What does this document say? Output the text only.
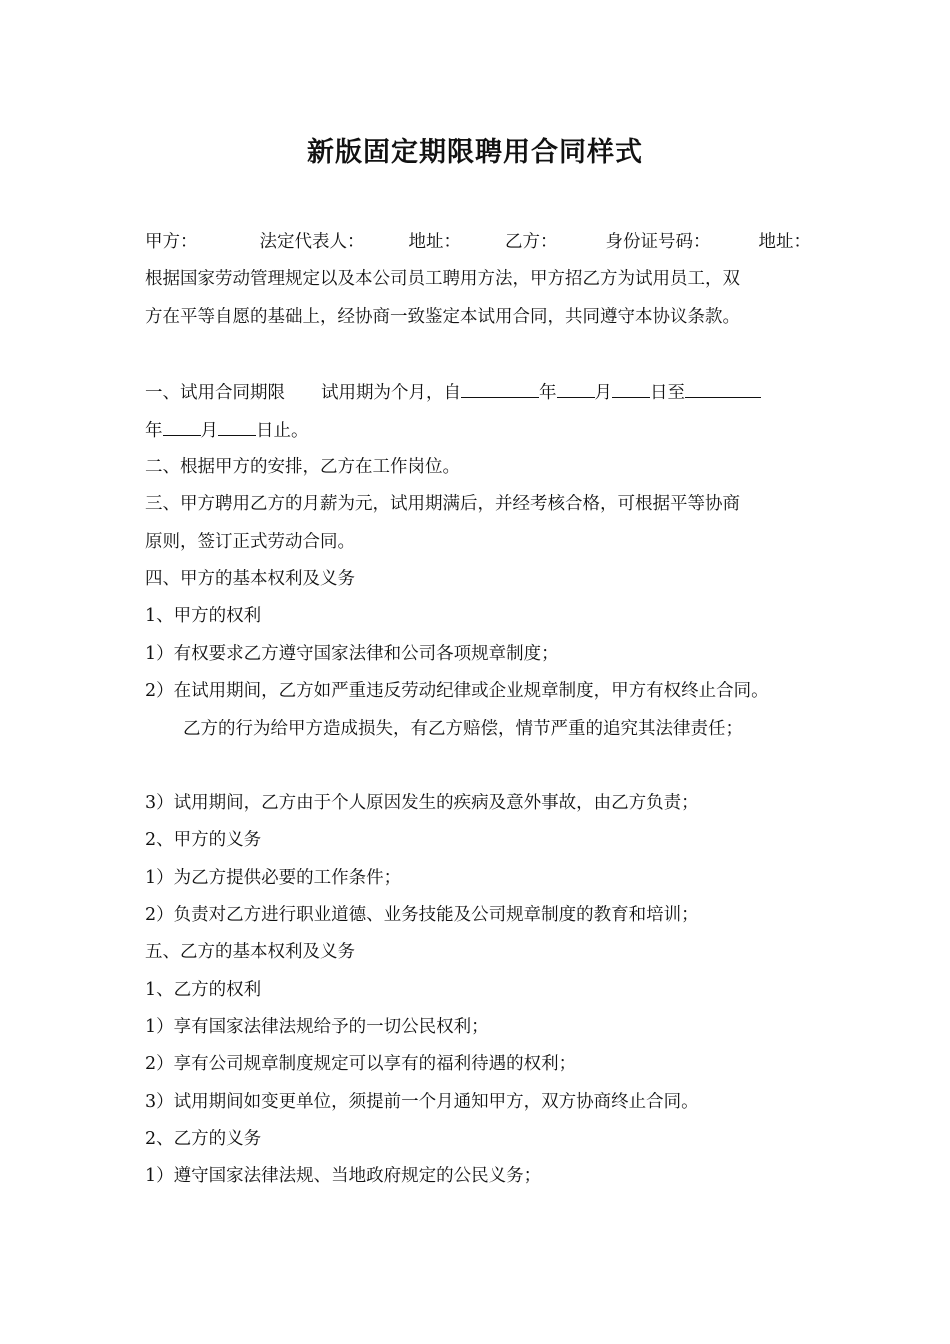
新版固定期限聘用合同样式
甲方：	法定代表人：	地址：	乙方：	身份证号码：	地址：
根据国家劳动管理规定以及本公司员工聘用方法，甲方招乙方为试用员工，双
方在平等自愿的基础上，经协商一致鉴定本试用合同，共同遵守本协议条款。
一、试用合同期限 试用期为个月，自	年 月 日至
年 月 日止。
二、根据甲方的安排，乙方在工作岗位。
三、甲方聘用乙方的月薪为元，试用期满后，并经考核合格，可根据平等协商
原则，签订正式劳动合同。
四、甲方的基本权利及义务
1、甲方的权利
1）有权要求乙方遵守国家法律和公司各项规章制度；
2）在试用期间，乙方如严重违反劳动纪律或企业规章制度，甲方有权终止合同。
乙方的行为给甲方造成损失，有乙方赔偿，情节严重的追究其法律责任；
3）试用期间，乙方由于个人原因发生的疾病及意外事故，由乙方负责；
2、甲方的义务
1）为乙方提供必要的工作条件；
2）负责对乙方进行职业道德、业务技能及公司规章制度的教育和培训；
五、乙方的基本权利及义务
1、乙方的权利
1）享有国家法律法规给予的一切公民权利；
2）享有公司规章制度规定可以享有的福利待遇的权利；
3）试用期间如变更单位，须提前一个月通知甲方，双方协商终止合同。
2、乙方的义务
1）遵守国家法律法规、当地政府规定的公民义务；
